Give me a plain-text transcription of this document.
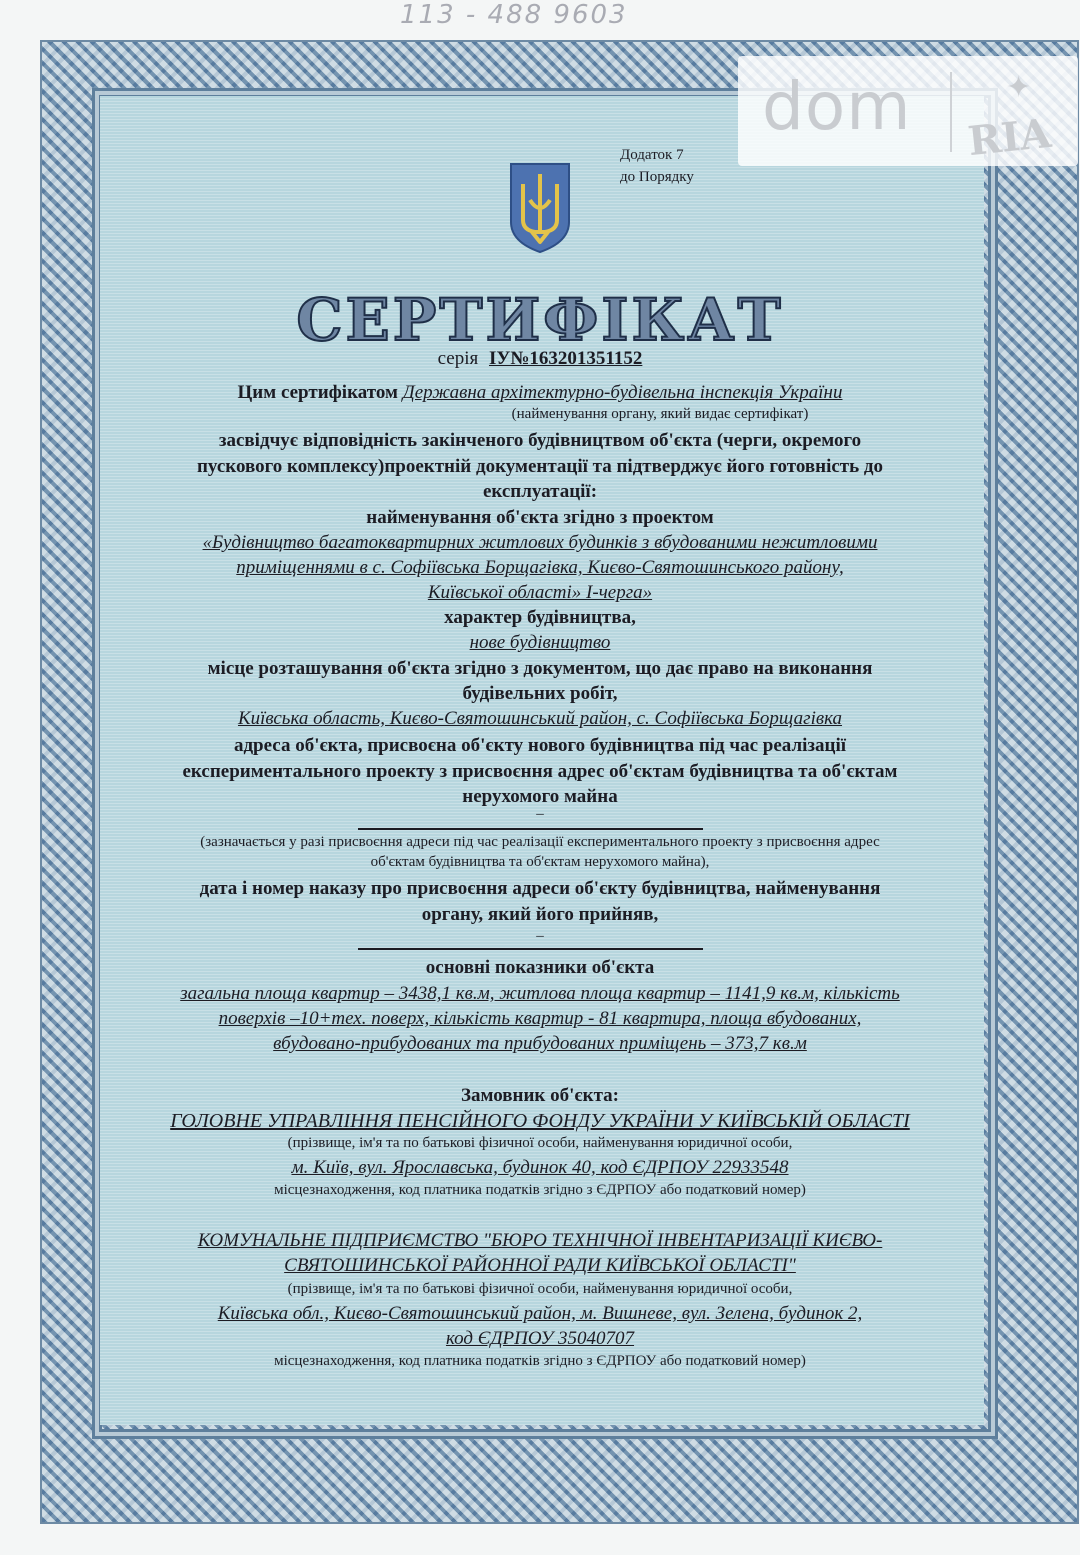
113 - 488 9603
dom	✦
RIA
Додаток 7
до Порядку
СЕРТИФІКАТ
серія ІУ№163201351152
Цим сертифікатом Державна архітектурно-будівельна інспекція України
(найменування органу, який видає сертифікат)
засвідчує відповідність закінченого будівництвом об'єкта (черги, окремого
пускового комплексу)проектній документації та підтверджує його готовність до
експлуатації:
найменування об'єкта згідно з проектом
«Будівництво багатоквартирних житлових будинків з вбудованими нежитловими
приміщеннями в с. Софіївська Борщагівка, Києво-Святошинського району,
Київської області» І-черга»
характер будівництва,
нове будівництво
місце розташування об'єкта згідно з документом, що дає право на виконання
будівельних робіт,
Київська область, Києво-Святошинський район, с. Софіївська Борщагівка
адреса об'єкта, присвоєна об'єкту нового будівництва під час реалізації
експериментального проекту з присвоєння адрес об'єктам будівництва та об'єктам
нерухомого майна
–
(зазначається у разі присвоєння адреси під час реалізації експериментального проекту з присвоєння адрес
об'єктам будівництва та об'єктам нерухомого майна),
дата і номер наказу про присвоєння адреси об'єкту будівництва, найменування
органу, який його прийняв,
–
основні показники об'єкта
загальна площа квартир – 3438,1 кв.м, житлова площа квартир – 1141,9 кв.м, кількість
поверхів –10+тех. поверх, кількість квартир - 81 квартира, площа вбудованих,
вбудовано-прибудованих та прибудованих приміщень – 373,7 кв.м
Замовник об'єкта:
ГОЛОВНЕ УПРАВЛІННЯ ПЕНСІЙНОГО ФОНДУ УКРАЇНИ У КИЇВСЬКІЙ ОБЛАСТІ
(прізвище, ім'я та по батькові фізичної особи, найменування юридичної особи,
м. Київ, вул. Ярославська, будинок 40, код ЄДРПОУ 22933548
місцезнаходження, код платника податків згідно з ЄДРПОУ або податковий номер)
КОМУНАЛЬНЕ ПІДПРИЄМСТВО "БЮРО ТЕХНІЧНОЇ ІНВЕНТАРИЗАЦІЇ КИЄВО-
СВЯТОШИНСЬКОЇ РАЙОННОЇ РАДИ КИЇВСЬКОЇ ОБЛАСТІ"
(прізвище, ім'я та по батькові фізичної особи, найменування юридичної особи,
Київська обл., Києво-Святошинський район, м. Вишневе, вул. Зелена, будинок 2,
код ЄДРПОУ 35040707
місцезнаходження, код платника податків згідно з ЄДРПОУ або податковий номер)
